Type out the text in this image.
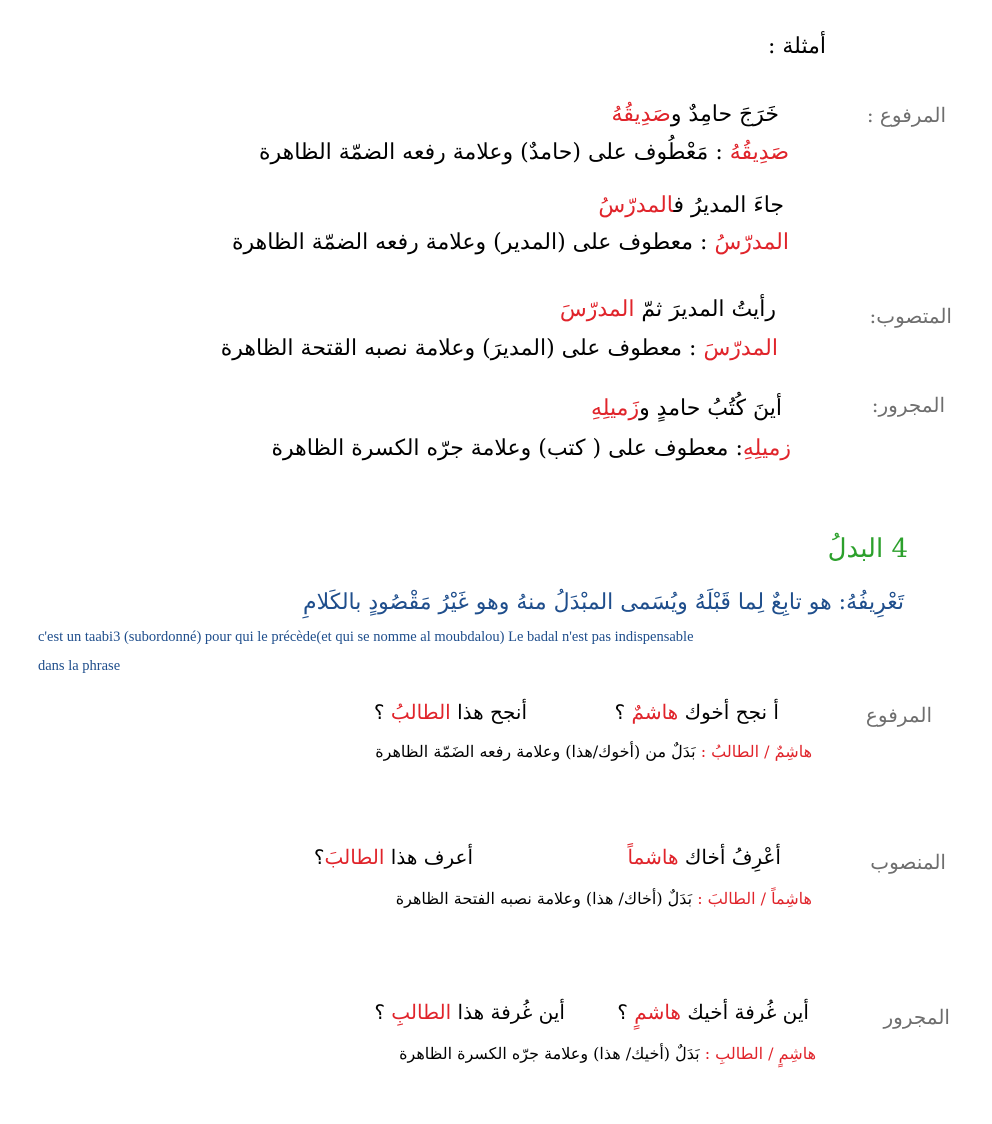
أمثلة :
المرفوع :
خَرَجَ حامِدٌ وصَدِيقُهُ
صَدِيقُهُ : مَعْطُوف على (حامدٌ) وعلامة رفعه الضمّة الظاهرة
جاءَ المديرُ فالمدرّسُ
المدرّسُ : معطوف على (المدير) وعلامة رفعه الضمّة الظاهرة
المتصوب:
رأيتُ المديرَ ثمّ المدرّسَ
المدرّسَ : معطوف على (المديرَ) وعلامة نصبه القتحة الظاهرة
المجرور:
أينَ كُتُبُ حامدٍ وزَميلِهِ
زميلِهِ: معطوف على ( كتب) وعلامة جرّه الكسرة الظاهرة
4 البدلُ
تَعْرِيفُهُ: هو تابِعٌ لِما قَبْلَهُ ويُسَمى المبْدَلُ منهُ وهو غَيْرُ مَقْصُودٍ بالكَلامِ
c'est un taabi3 (subordonné) pour qui le précède(et qui se nomme al moubdalou) Le badal n'est pas indispensable
dans la phrase
المرفوع
أ نجح أخوك هاشمٌ ؟
أنجح هذا الطالبُ ؟
هاشِمٌ / الطالبُ : بَدَلٌ من (أخوك/هذا) وعلامة رفعه الضَمّة الظاهرة
المنصوب
أعْرِفُ أخاك هاشماً
أعرف هذا الطالبَ؟
هاشِماً / الطالبَ : بَدَلٌ (أخاك/ هذا) وعلامة نصبه الفتحة الظاهرة
المجرور
أين غُرفة أخيك هاشمٍ ؟
أين غُرفة هذا الطالبِ ؟
هاشِمٍ / الطالبِ : بَدَلٌ (أخيك/ هذا) وعلامة جرّه الكسرة الظاهرة
